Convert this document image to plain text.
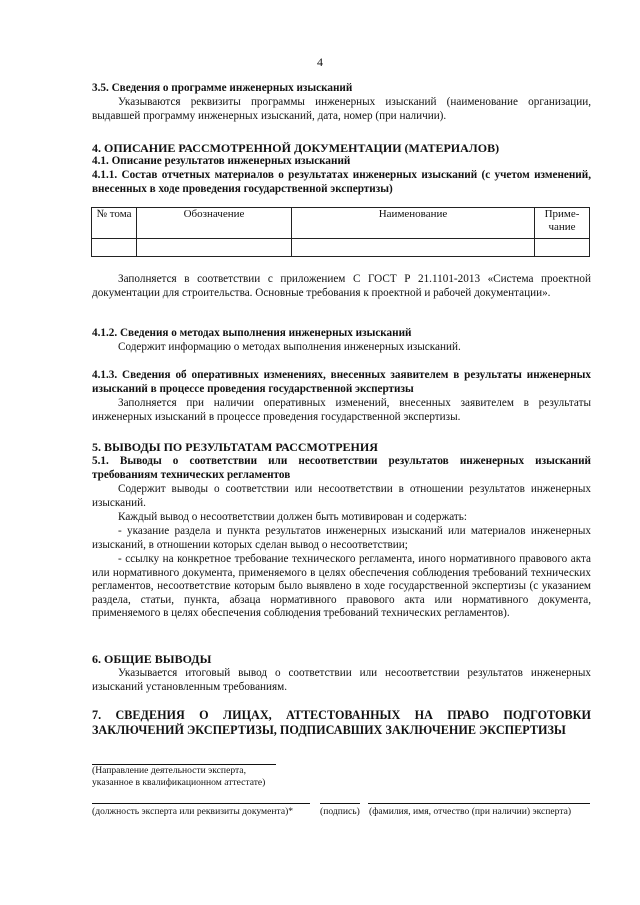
4
3.5. Сведения о программе инженерных изысканий
Указываются реквизиты программы инженерных изысканий (наименование организации, выдавшей программу инженерных изысканий, дата, номер (при наличии).
4. ОПИСАНИЕ РАССМОТРЕННОЙ ДОКУМЕНТАЦИИ (МАТЕРИАЛОВ)
4.1. Описание результатов инженерных изысканий
4.1.1. Состав отчетных материалов о результатах инженерных изысканий (с учетом изменений, внесенных в ходе проведения государственной экспертизы)
№ тома	Обозначение	Наименование	Приме-чание

Заполняется в соответствии с приложением С ГОСТ Р 21.1101-2013 «Система проектной документации для строительства. Основные требования к проектной и рабочей документации».
4.1.2. Сведения о методах выполнения инженерных изысканий
Содержит информацию о методах выполнения инженерных изысканий.
4.1.3. Сведения об оперативных изменениях, внесенных заявителем в результаты инженерных изысканий в процессе проведения государственной экспертизы
Заполняется при наличии оперативных изменений, внесенных заявителем в результаты инженерных изысканий в процессе проведения государственной экспертизы.
5. ВЫВОДЫ ПО РЕЗУЛЬТАТАМ РАССМОТРЕНИЯ
5.1. Выводы о соответствии или несоответствии результатов инженерных изысканий требованиям технических регламентов
Содержит выводы о соответствии или несоответствии в отношении результатов инженерных изысканий.
Каждый вывод о несоответствии должен быть мотивирован и содержать:
- указание раздела и пункта результатов инженерных изысканий или материалов инженерных изысканий, в отношении которых сделан вывод о несоответствии;
- ссылку на конкретное требование технического регламента, иного нормативного правового акта или нормативного документа, применяемого в целях обеспечения соблюдения требований технических регламентов, несоответствие которым было выявлено в ходе государственной экспертизы (с указанием раздела, статьи, пункта, абзаца нормативного правового акта или нормативного документа, применяемого в целях обеспечения соблюдения требований технических регламентов).
6. ОБЩИЕ ВЫВОДЫ
Указывается итоговый вывод о соответствии или несоответствии результатов инженерных изысканий установленным требованиям.
7. СВЕДЕНИЯ О ЛИЦАХ, АТТЕСТОВАННЫХ НА ПРАВО ПОДГОТОВКИ ЗАКЛЮЧЕНИЙ ЭКСПЕРТИЗЫ, ПОДПИСАВШИХ ЗАКЛЮЧЕНИЕ ЭКСПЕРТИЗЫ
(Направление деятельности эксперта,
указанное в квалификационном аттестате)
(должность эксперта или реквизиты документа)*	(подпись) (фамилия, имя, отчество (при наличии) эксперта)
